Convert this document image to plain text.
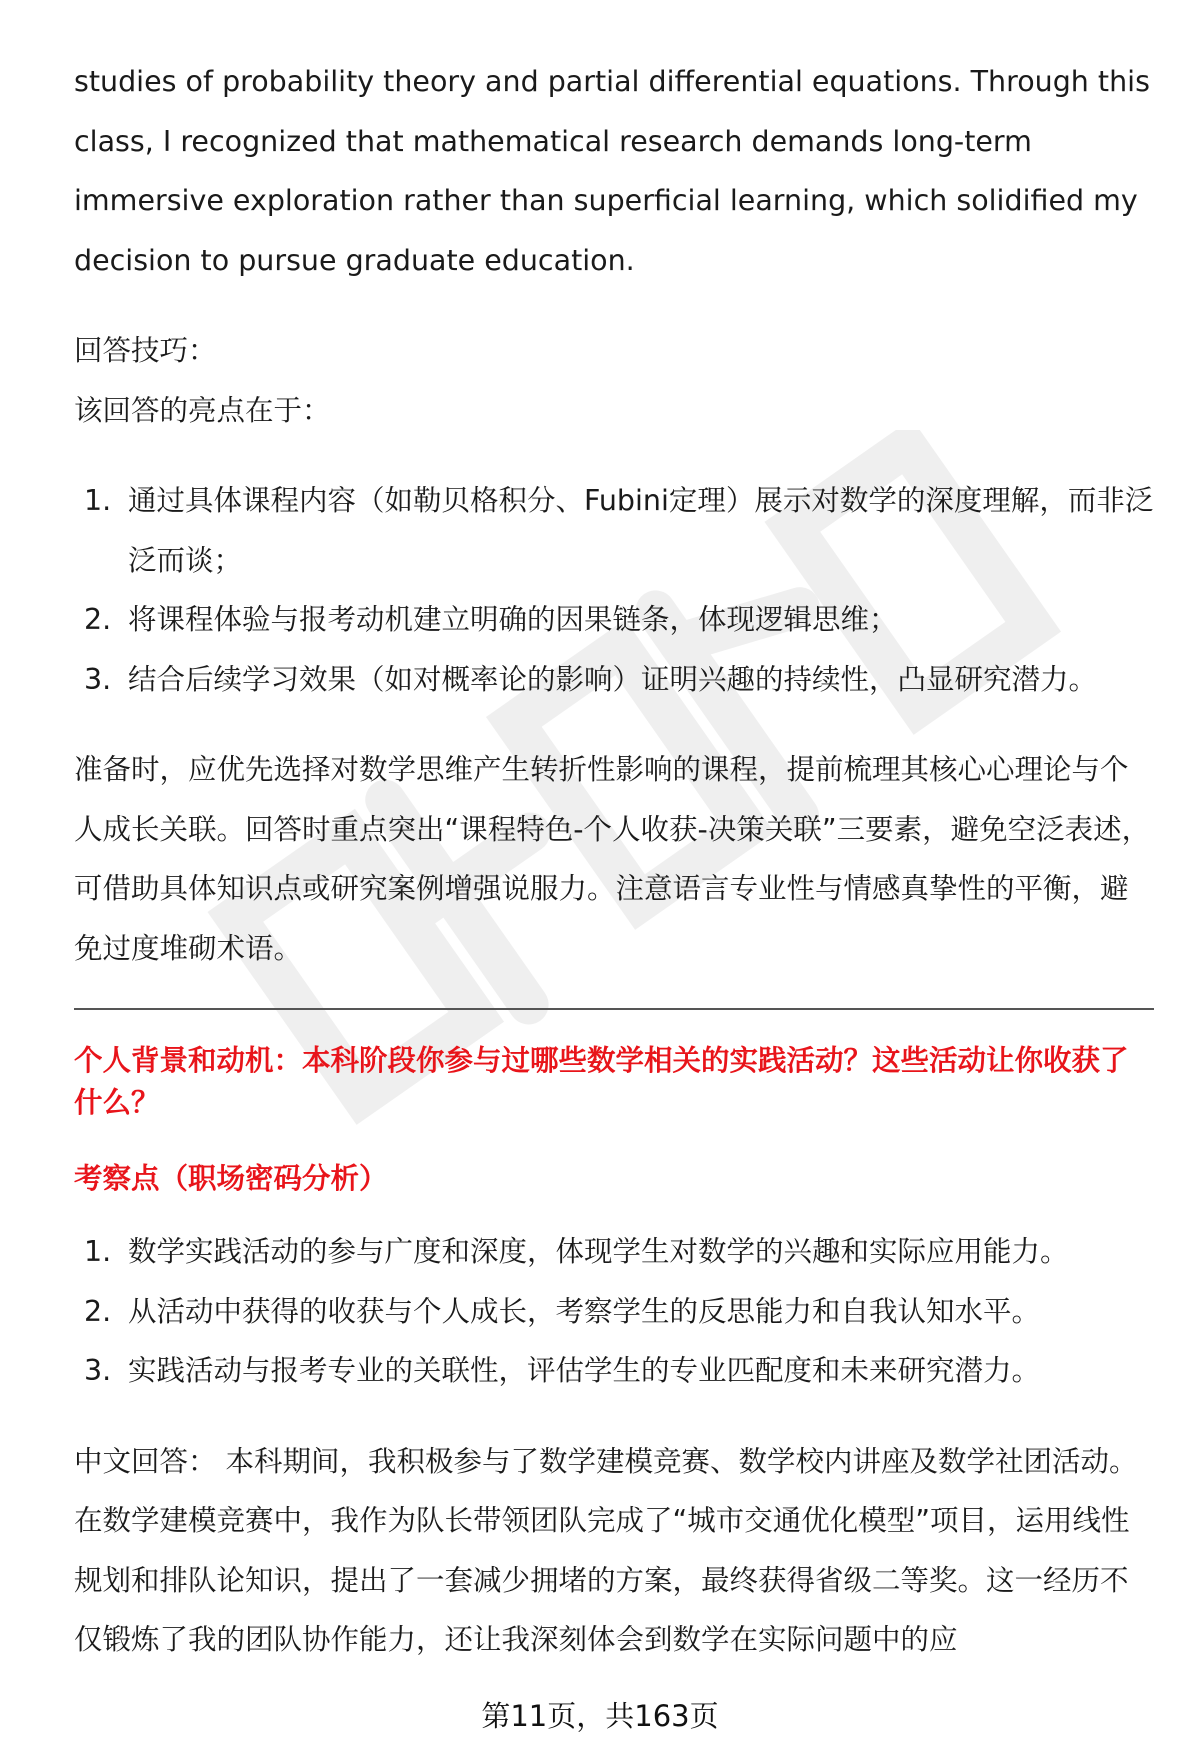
studies of probability theory and partial differential equations. Through this class, I recognized that mathematical research demands long-term immersive exploration rather than superficial learning, which solidified my decision to pursue graduate education.

回答技巧：

该回答的亮点在于：

1. 通过具体课程内容（如勒贝格积分、Fubini定理）展示对数学的深度理解，而非泛泛而谈；
2. 将课程体验与报考动机建立明确的因果链条，体现逻辑思维；
3. 结合后续学习效果（如对概率论的影响）证明兴趣的持续性，凸显研究潜力。

准备时，应优先选择对数学思维产生转折性影响的课程，提前梳理其核心心理论与个人成长关联。回答时重点突出“课程特色-个人收获-决策关联”三要素，避免空泛表述，可借助具体知识点或研究案例增强说服力。注意语言专业性与情感真挚性的平衡，避免过度堆砌术语。

个人背景和动机：本科阶段你参与过哪些数学相关的实践活动？这些活动让你收获了什么？
考察点（职场密码分析）
1. 数学实践活动的参与广度和深度，体现学生对数学的兴趣和实际应用能力。
2. 从活动中获得的收获与个人成长，考察学生的反思能力和自我认知水平。
3. 实践活动与报考专业的关联性，评估学生的专业匹配度和未来研究潜力。

中文回答： 本科期间，我积极参与了数学建模竞赛、数学校内讲座及数学社团活动。在数学建模竞赛中，我作为队长带领团队完成了“城市交通优化模型”项目，运用线性规划和排队论知识，提出了一套减少拥堵的方案，最终获得省级二等奖。这一经历不仅锻炼了我的团队协作能力，还让我深刻体会到数学在实际问题中的应

第11页，共163页
